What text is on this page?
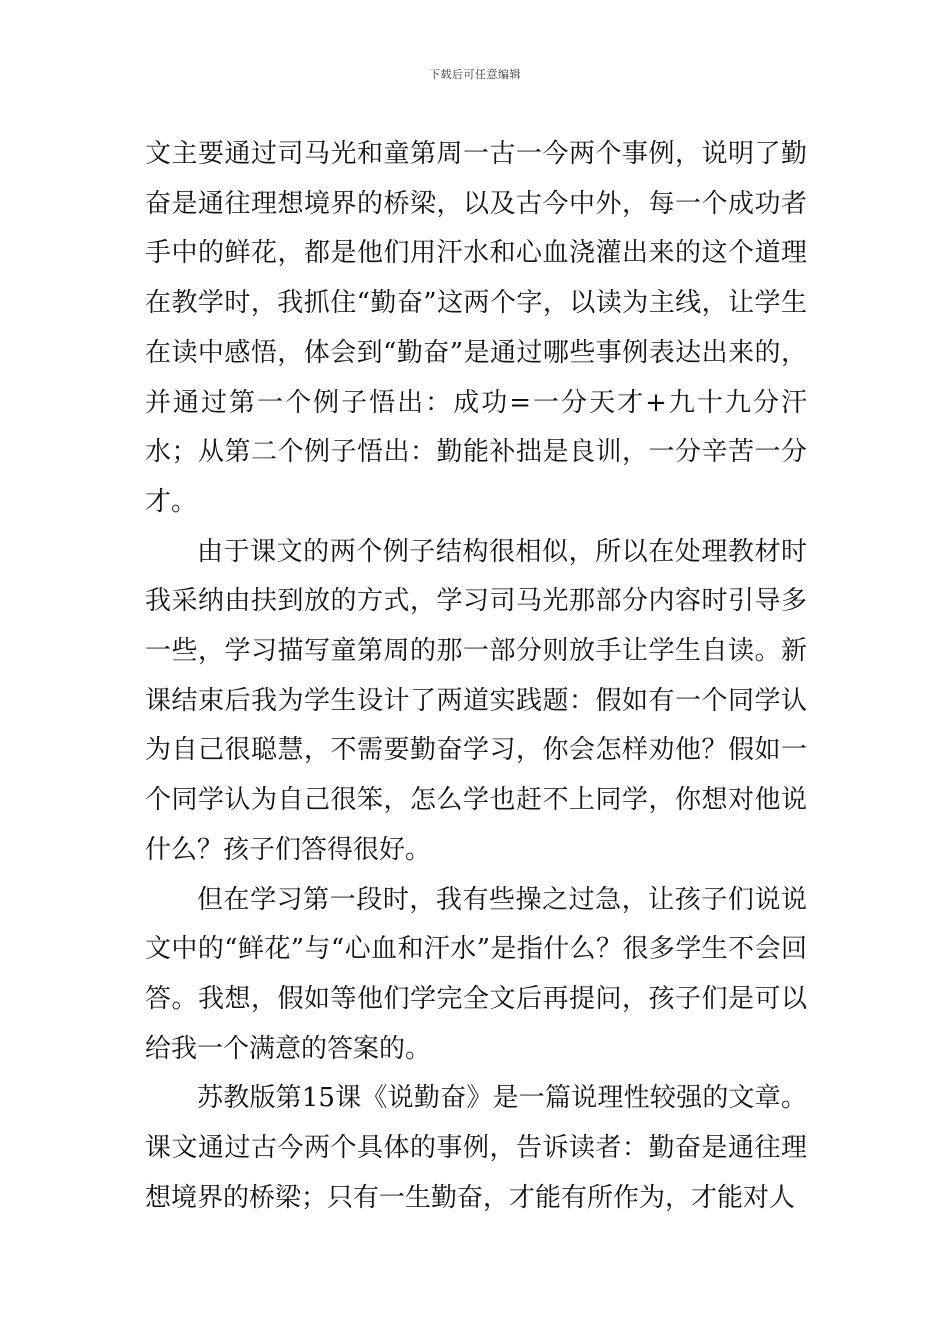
下载后可任意编辑

文主要通过司马光和童第周一古一今两个事例，说明了勤奋是通往理想境界的桥梁，以及古今中外，每一个成功者手中的鲜花，都是他们用汗水和心血浇灌出来的这个道理在教学时，我抓住“勤奋”这两个字，以读为主线，让学生在读中感悟，体会到“勤奋”是通过哪些事例表达出来的，并通过第一个例子悟出：成功=一分天才+九十九分汗水；从第二个例子悟出：勤能补拙是良训，一分辛苦一分才。

由于课文的两个例子结构很相似，所以在处理教材时我采纳由扶到放的方式，学习司马光那部分内容时引导多一些，学习描写童第周的那一部分则放手让学生自读。新课结束后我为学生设计了两道实践题：假如有一个同学认为自己很聪慧，不需要勤奋学习，你会怎样劝他？假如一个同学认为自己很笨，怎么学也赶不上同学，你想对他说什么？孩子们答得很好。

但在学习第一段时，我有些操之过急，让孩子们说说文中的“鲜花”与“心血和汗水”是指什么？很多学生不会回答。我想，假如等他们学完全文后再提问，孩子们是可以给我一个满意的答案的。

苏教版第15课《说勤奋》是一篇说理性较强的文章。课文通过古今两个具体的事例，告诉读者：勤奋是通往理想境界的桥梁；只有一生勤奋，才能有所作为，才能对人
